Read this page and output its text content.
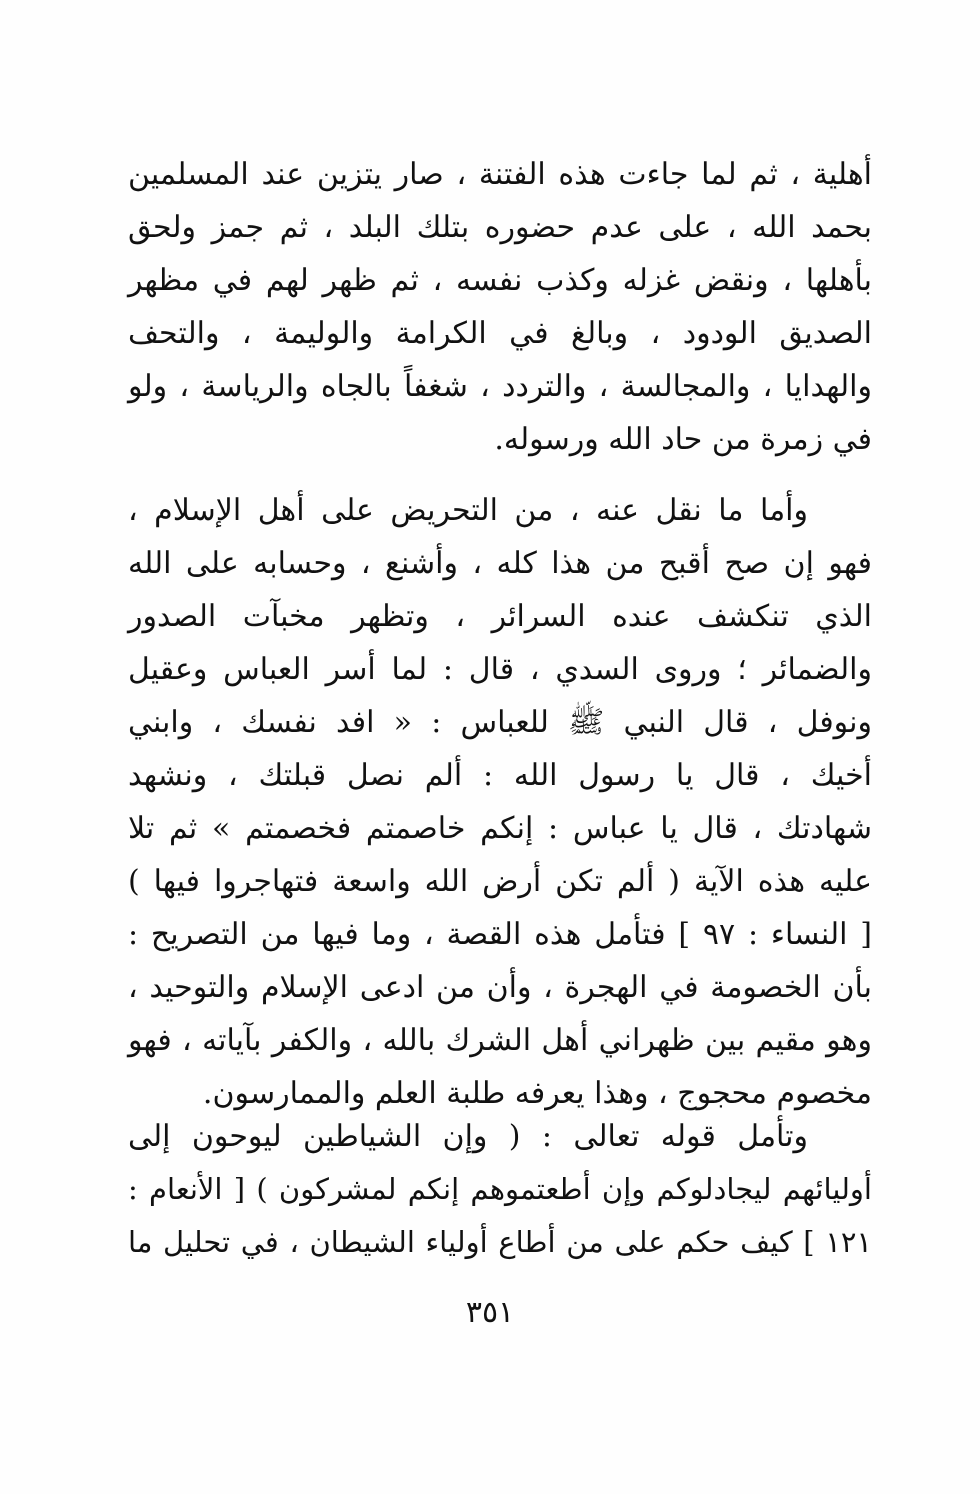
أهلية ، ثم لما جاءت هذه الفتنة ، صار يتزين عند المسلمين
بحمد الله ، على عدم حضوره بتلك البلد ، ثم جمز ولحق
بأهلها ، ونقض غزله وكذب نفسه ، ثم ظهر لهم في مظهر
الصديق الودود ، وبالغ في الكرامة والوليمة ، والتحف
والهدايا ، والمجالسة ، والتردد ، شغفاً بالجاه والرياسة ، ولو
في زمرة من حاد الله ورسوله.
وأما ما نقل عنه ، من التحريض على أهل الإسلام ،
فهو إن صح أقبح من هذا كله ، وأشنع ، وحسابه على الله
الذي تنكشف عنده السرائر ، وتظهر مخبآت الصدور
والضمائر ؛ وروى السدي ، قال : لما أسر العباس وعقيل
ونوفل ، قال النبي ﷺ للعباس : « افد نفسك ، وابني
أخيك ، قال يا رسول الله : ألم نصل قبلتك ، ونشهد
شهادتك ، قال يا عباس : إنكم خاصمتم فخصمتم » ثم تلا
عليه هذه الآية ( ألم تكن أرض الله واسعة فتهاجروا فيها )
[ النساء : ٩٧ ] فتأمل هذه القصة ، وما فيها من التصريح :
بأن الخصومة في الهجرة ، وأن من ادعى الإسلام والتوحيد ،
وهو مقيم بين ظهراني أهل الشرك بالله ، والكفر بآياته ، فهو
مخصوم محجوج ، وهذا يعرفه طلبة العلم والممارسون.
وتأمل قوله تعالى : ( وإن الشياطين ليوحون إلى
أوليائهم ليجادلوكم وإن أطعتموهم إنكم لمشركون ) [ الأنعام :
١٢١ ] كيف حكم على من أطاع أولياء الشيطان ، في تحليل ما
٣٥١
